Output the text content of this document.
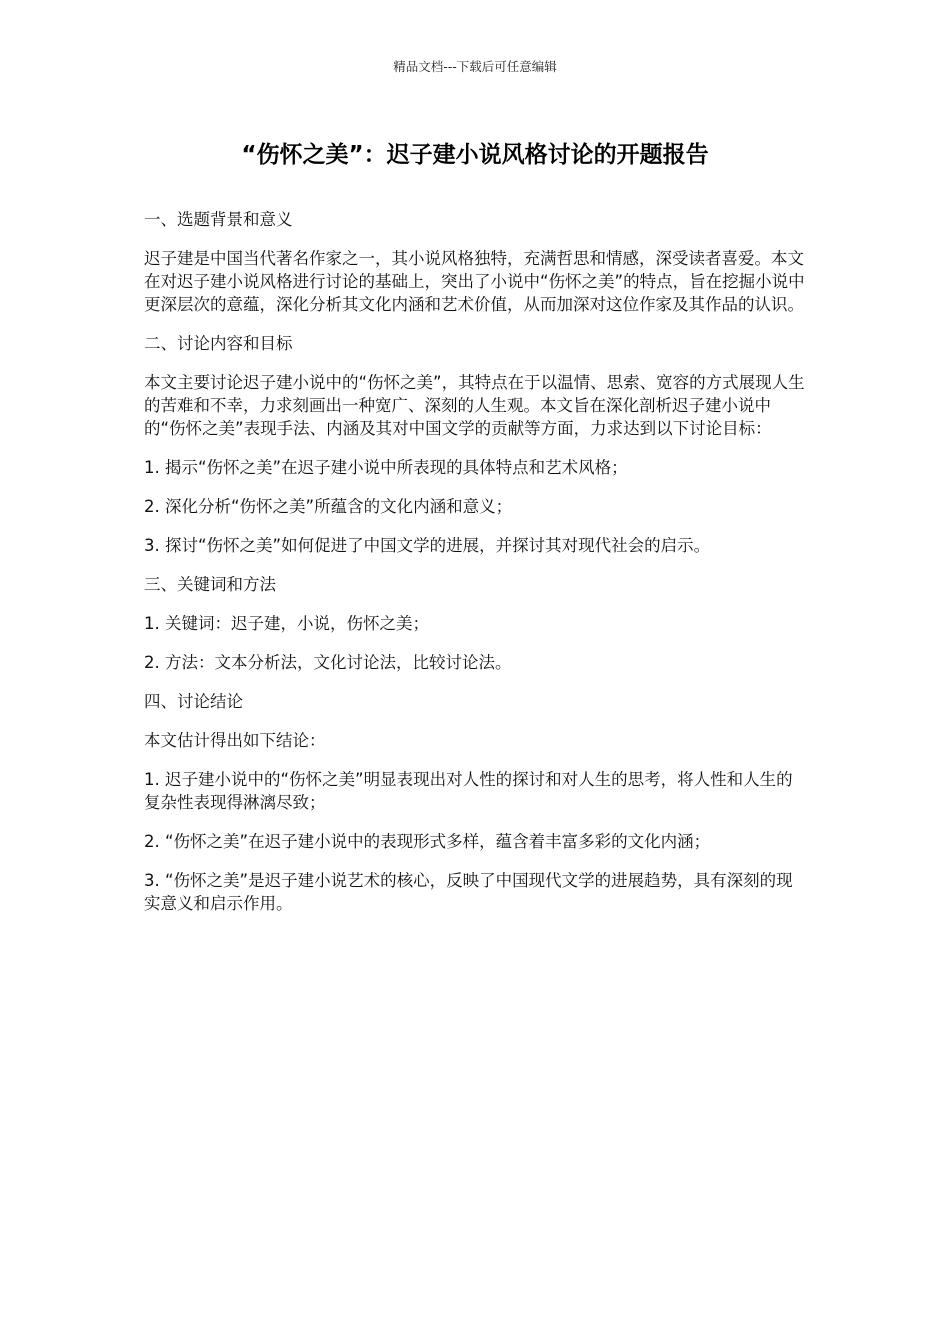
精品文档---下载后可任意编辑
“伤怀之美”：迟子建小说风格讨论的开题报告

一、选题背景和意义

迟子建是中国当代著名作家之一，其小说风格独特，充满哲思和情感，深受读者喜爱。本文在对迟子建小说风格进行讨论的基础上，突出了小说中“伤怀之美”的特点，旨在挖掘小说中更深层次的意蕴，深化分析其文化内涵和艺术价值，从而加深对这位作家及其作品的认识。

二、讨论内容和目标

本文主要讨论迟子建小说中的“伤怀之美”，其特点在于以温情、思索、宽容的方式展现人生的苦难和不幸，力求刻画出一种宽广、深刻的人生观。本文旨在深化剖析迟子建小说中的“伤怀之美”表现手法、内涵及其对中国文学的贡献等方面，力求达到以下讨论目标：

1. 揭示“伤怀之美”在迟子建小说中所表现的具体特点和艺术风格；

2. 深化分析“伤怀之美”所蕴含的文化内涵和意义；

3. 探讨“伤怀之美”如何促进了中国文学的进展，并探讨其对现代社会的启示。

三、关键词和方法

1. 关键词：迟子建，小说，伤怀之美；

2. 方法：文本分析法，文化讨论法，比较讨论法。

四、讨论结论

本文估计得出如下结论：

1. 迟子建小说中的“伤怀之美”明显表现出对人性的探讨和对人生的思考，将人性和人生的复杂性表现得淋漓尽致；

2. “伤怀之美”在迟子建小说中的表现形式多样，蕴含着丰富多彩的文化内涵；

3. “伤怀之美”是迟子建小说艺术的核心，反映了中国现代文学的进展趋势，具有深刻的现实意义和启示作用。
